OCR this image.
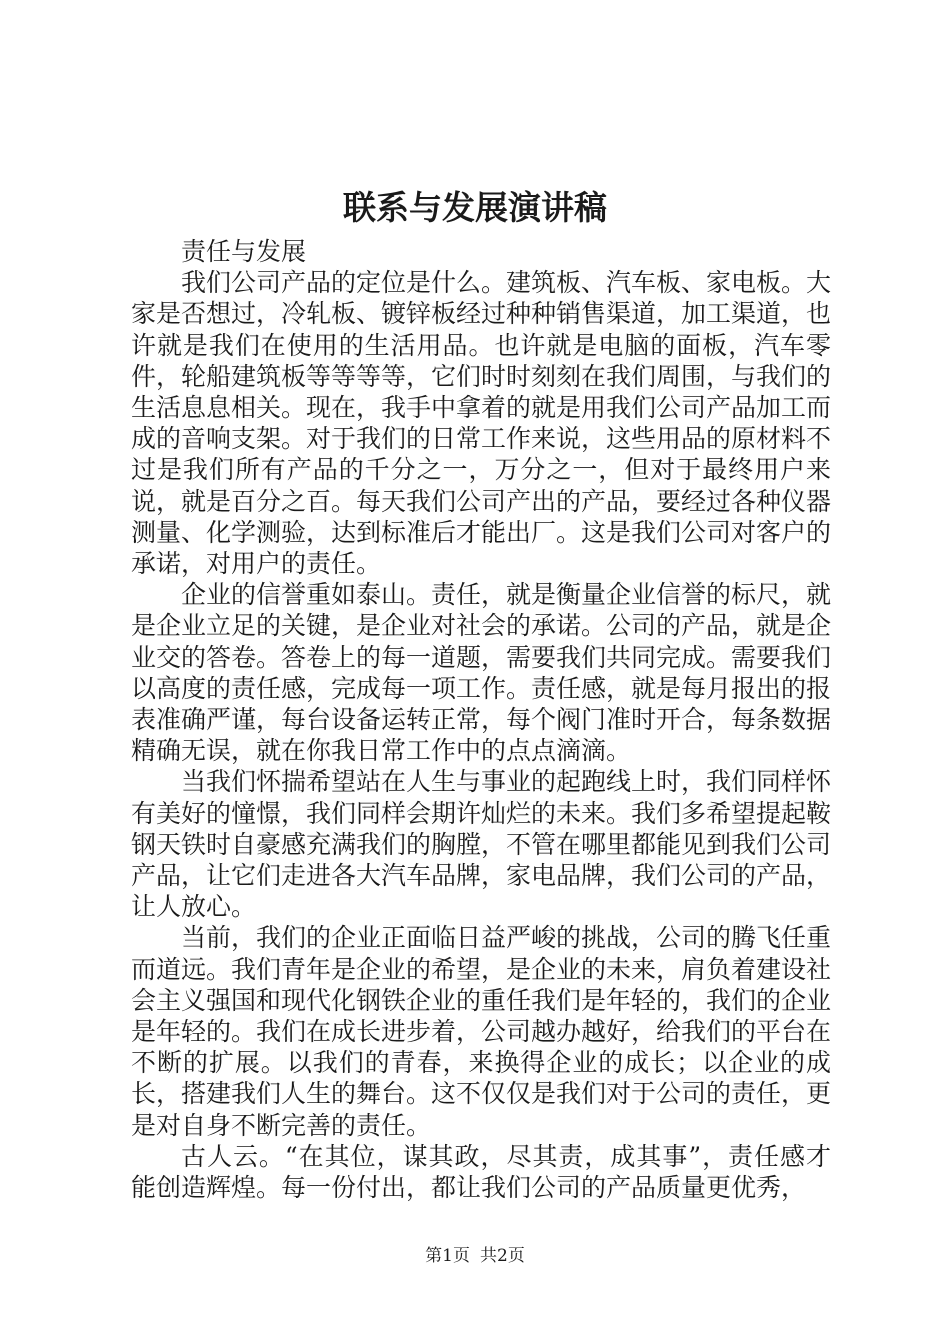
联系与发展演讲稿

责任与发展

我们公司产品的定位是什么。建筑板、汽车板、家电板。大家是否想过，冷轧板、镀锌板经过种种销售渠道，加工渠道，也许就是我们在使用的生活用品。也许就是电脑的面板，汽车零件，轮船建筑板等等等等，它们时时刻刻在我们周围，与我们的生活息息相关。现在，我手中拿着的就是用我们公司产品加工而成的音响支架。对于我们的日常工作来说，这些用品的原材料不过是我们所有产品的千分之一，万分之一，但对于最终用户来说，就是百分之百。每天我们公司产出的产品，要经过各种仪器测量、化学测验，达到标准后才能出厂。这是我们公司对客户的承诺，对用户的责任。

企业的信誉重如泰山。责任，就是衡量企业信誉的标尺，就是企业立足的关键，是企业对社会的承诺。公司的产品，就是企业交的答卷。答卷上的每一道题，需要我们共同完成。需要我们以高度的责任感，完成每一项工作。责任感，就是每月报出的报表准确严谨，每台设备运转正常，每个阀门准时开合，每条数据精确无误，就在你我日常工作中的点点滴滴。

当我们怀揣希望站在人生与事业的起跑线上时，我们同样怀有美好的憧憬，我们同样会期许灿烂的未来。我们多希望提起鞍钢天铁时自豪感充满我们的胸膛，不管在哪里都能见到我们公司产品，让它们走进各大汽车品牌，家电品牌，我们公司的产品，让人放心。

当前，我们的企业正面临日益严峻的挑战，公司的腾飞任重而道远。我们青年是企业的希望，是企业的未来，肩负着建设社会主义强国和现代化钢铁企业的重任我们是年轻的，我们的企业是年轻的。我们在成长进步着，公司越办越好，给我们的平台在不断的扩展。以我们的青春，来换得企业的成长；以企业的成长，搭建我们人生的舞台。这不仅仅是我们对于公司的责任，更是对自身不断完善的责任。

古人云。“在其位，谋其政，尽其责，成其事”，责任感才能创造辉煌。每一份付出，都让我们公司的产品质量更优秀，

第1页 共2页
